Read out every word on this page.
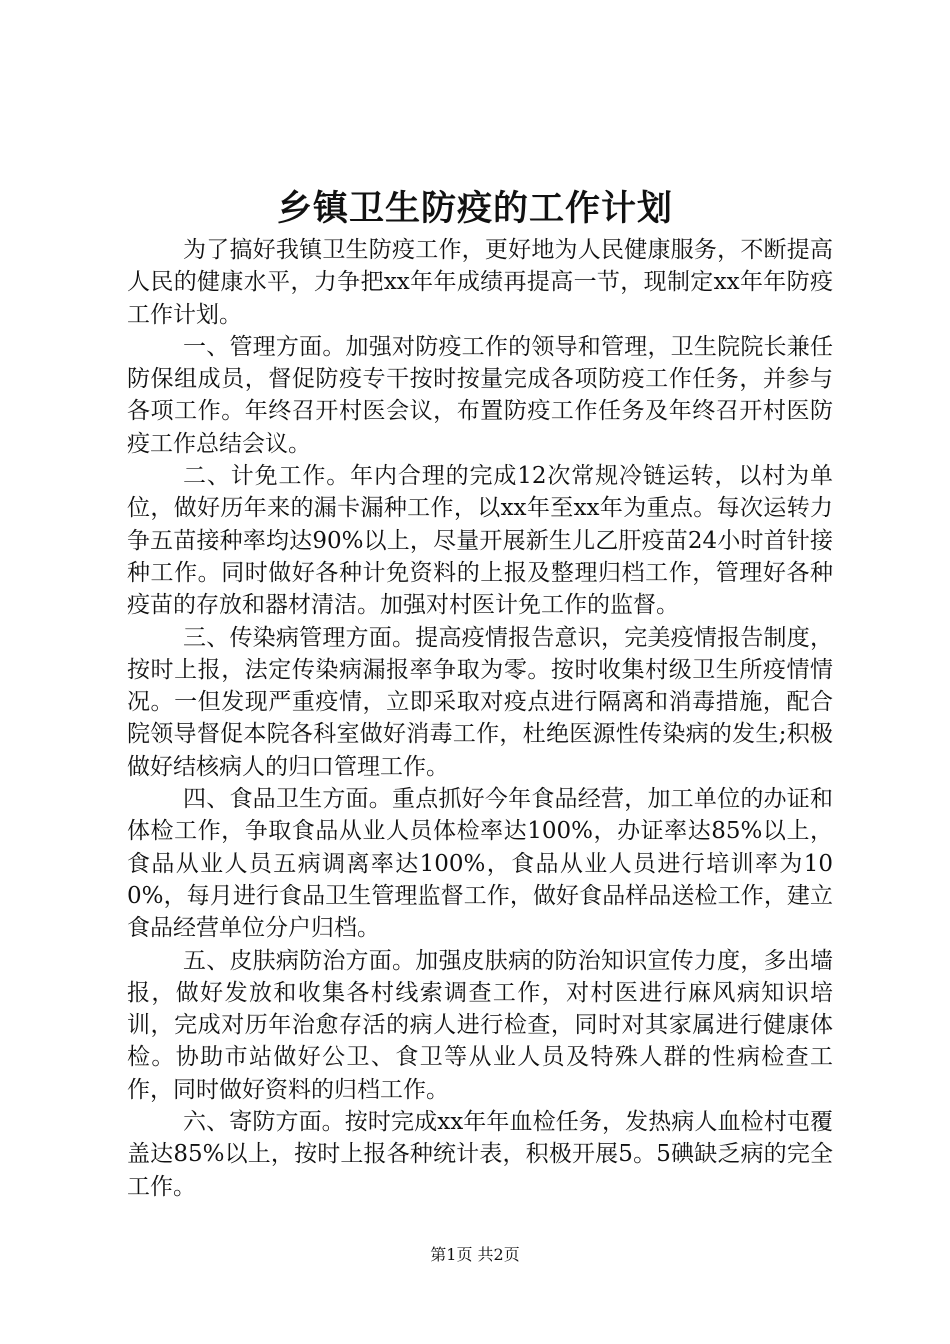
乡镇卫生防疫的工作计划

为了搞好我镇卫生防疫工作，更好地为人民健康服务，不断提高人民的健康水平，力争把xx年年成绩再提高一节，现制定xx年年防疫工作计划。

一、管理方面。加强对防疫工作的领导和管理，卫生院院长兼任防保组成员，督促防疫专干按时按量完成各项防疫工作任务，并参与各项工作。年终召开村医会议，布置防疫工作任务及年终召开村医防疫工作总结会议。

二、计免工作。年内合理的完成12次常规冷链运转，以村为单位，做好历年来的漏卡漏种工作，以xx年至xx年为重点。每次运转力争五苗接种率均达90%以上，尽量开展新生儿乙肝疫苗24小时首针接种工作。同时做好各种计免资料的上报及整理归档工作，管理好各种疫苗的存放和器材清洁。加强对村医计免工作的监督。

三、传染病管理方面。提高疫情报告意识，完美疫情报告制度，按时上报，法定传染病漏报率争取为零。按时收集村级卫生所疫情情况。一但发现严重疫情，立即采取对疫点进行隔离和消毒措施，配合院领导督促本院各科室做好消毒工作，杜绝医源性传染病的发生;积极做好结核病人的归口管理工作。

四、食品卫生方面。重点抓好今年食品经营，加工单位的办证和体检工作，争取食品从业人员体检率达100%，办证率达85%以上，食品从业人员五病调离率达100%，食品从业人员进行培训率为100%，每月进行食品卫生管理监督工作，做好食品样品送检工作，建立食品经营单位分户归档。

五、皮肤病防治方面。加强皮肤病的防治知识宣传力度，多出墙报，做好发放和收集各村线索调查工作，对村医进行麻风病知识培训，完成对历年治愈存活的病人进行检查，同时对其家属进行健康体检。协助市站做好公卫、食卫等从业人员及特殊人群的性病检查工作，同时做好资料的归档工作。

六、寄防方面。按时完成xx年年血检任务，发热病人血检村屯覆盖达85%以上，按时上报各种统计表，积极开展5。5碘缺乏病的完全工作。

第1页 共2页
